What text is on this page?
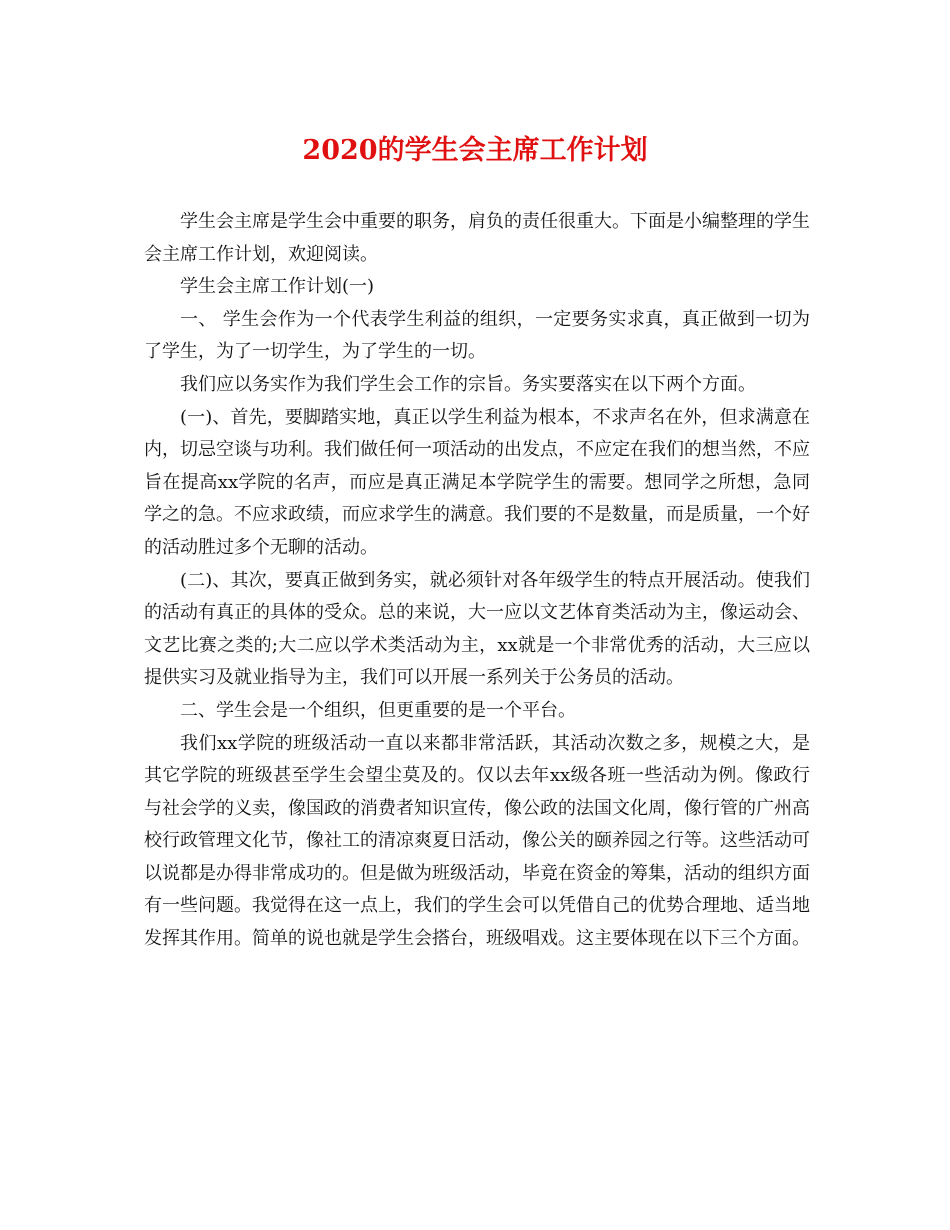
2020的学生会主席工作计划

学生会主席是学生会中重要的职务，肩负的责任很重大。下面是小编整理的学生会主席工作计划，欢迎阅读。

学生会主席工作计划(一)

一、 学生会作为一个代表学生利益的组织，一定要务实求真，真正做到一切为了学生，为了一切学生，为了学生的一切。

我们应以务实作为我们学生会工作的宗旨。务实要落实在以下两个方面。

(一)、首先，要脚踏实地，真正以学生利益为根本，不求声名在外，但求满意在内，切忌空谈与功利。我们做任何一项活动的出发点，不应定在我们的想当然，不应旨在提高xx学院的名声，而应是真正满足本学院学生的需要。想同学之所想，急同学之的急。不应求政绩，而应求学生的满意。我们要的不是数量，而是质量，一个好的活动胜过多个无聊的活动。

(二)、其次，要真正做到务实，就必须针对各年级学生的特点开展活动。使我们的活动有真正的具体的受众。总的来说，大一应以文艺体育类活动为主，像运动会、文艺比赛之类的;大二应以学术类活动为主，xx就是一个非常优秀的活动，大三应以提供实习及就业指导为主，我们可以开展一系列关于公务员的活动。

二、学生会是一个组织，但更重要的是一个平台。

我们xx学院的班级活动一直以来都非常活跃，其活动次数之多，规模之大，是其它学院的班级甚至学生会望尘莫及的。仅以去年xx级各班一些活动为例。像政行与社会学的义卖，像国政的消费者知识宣传，像公政的法国文化周，像行管的广州高校行政管理文化节，像社工的清凉爽夏日活动，像公关的颐养园之行等。这些活动可以说都是办得非常成功的。但是做为班级活动，毕竟在资金的筹集，活动的组织方面有一些问题。我觉得在这一点上，我们的学生会可以凭借自己的优势合理地、适当地发挥其作用。简单的说也就是学生会搭台，班级唱戏。这主要体现在以下三个方面。
